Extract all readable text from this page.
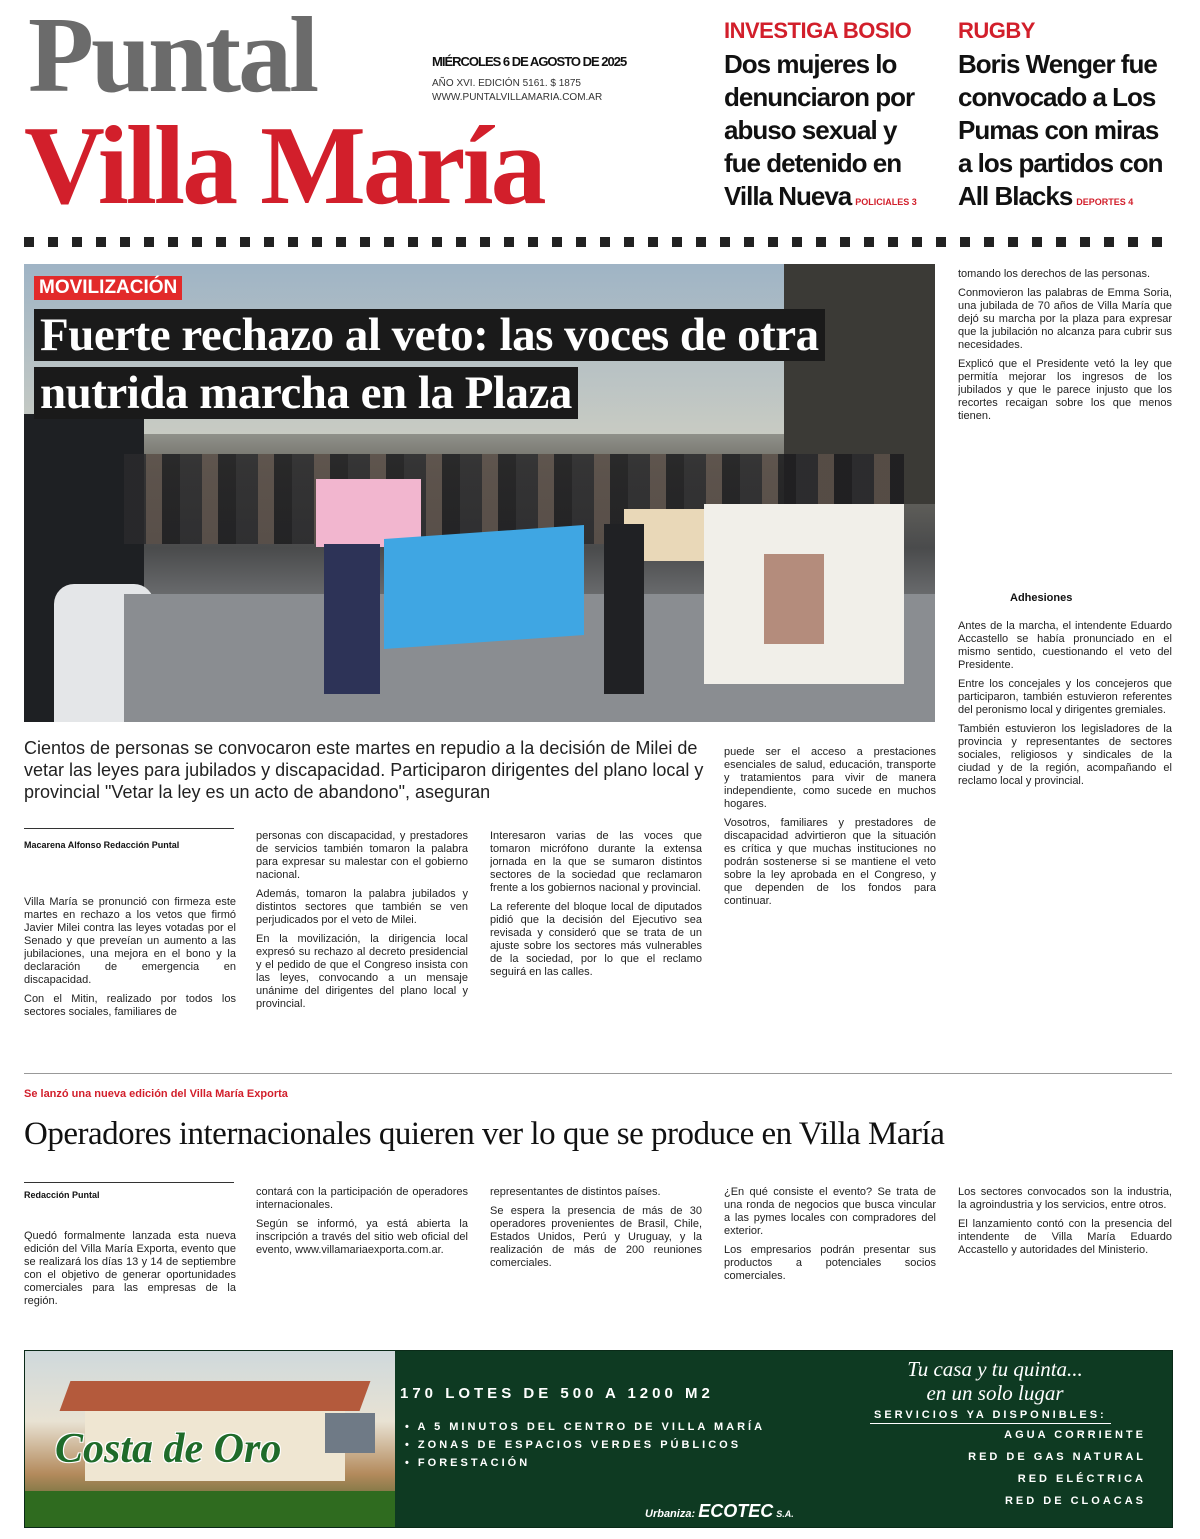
Puntal
Villa María
MIÉRCOLES 6 DE AGOSTO DE 2025
AÑO XVI. EDICIÓN 5161. $ 1875
WWW.PUNTALVILLAMARIA.COM.AR
INVESTIGA BOSIO
Dos mujeres lo denunciaron por abuso sexual y fue detenido en Villa Nueva POLICIALES 3
RUGBY
Boris Wenger fue convocado a Los Pumas con miras a los partidos con All Blacks DEPORTES 4
MOVILIZACIÓN
Fuerte rechazo al veto: las voces de otra nutrida marcha en la Plaza
Cientos de personas se convocaron este martes en repudio a la decisión de Milei de vetar las leyes para jubilados y discapacidad. Participaron dirigentes del plano local y provincial "Vetar la ley es un acto de abandono", aseguran
Macarena Alfonso Redacción Puntal

Villa María se pronunció con firmeza este martes en rechazo a los vetos que firmó Javier Milei contra las leyes votadas por el Senado y que preveían un aumento a las jubilaciones, una mejora en el bono y la declaración de emergencia en discapacidad.

Con el Mitin, realizado por todos los sectores sociales, familiares de

personas con discapacidad, y prestadores de servicios también tomaron la palabra para expresar su malestar con el gobierno nacional.

Además, tomaron la palabra jubilados y distintos sectores que también se ven perjudicados por el veto de Milei.

En la movilización, la dirigencia local expresó su rechazo al decreto presidencial y el pedido de que el Congreso insista con las leyes, convocando a un mensaje unánime del dirigentes del plano local y provincial.

Interesaron varias de las voces que tomaron micrófono durante la extensa jornada en la que se sumaron distintos sectores de la sociedad que reclamaron frente a los gobiernos nacional y provincial.

La referente del bloque local de diputados pidió que la decisión del Ejecutivo sea revisada y consideró que se trata de un ajuste sobre los sectores más vulnerables de la sociedad, por lo que el reclamo seguirá en las calles.

puede ser el acceso a prestaciones esenciales de salud, educación, transporte y tratamientos para vivir de manera independiente, como sucede en muchos hogares.

Vosotros, familiares y prestadores de discapacidad advirtieron que la situación es crítica y que muchas instituciones no podrán sostenerse si se mantiene el veto sobre la ley aprobada en el Congreso, y que dependen de los fondos para continuar.

tomando los derechos de las personas.

Conmovieron las palabras de Emma Soria, una jubilada de 70 años de Villa María que dejó su marcha por la plaza para expresar que la jubilación no alcanza para cubrir sus necesidades.

Explicó que el Presidente vetó la ley que permitía mejorar los ingresos de los jubilados y que le parece injusto que los recortes recaigan sobre los que menos tienen.

Adhesiones

Antes de la marcha, el intendente Eduardo Accastello se había pronunciado en el mismo sentido, cuestionando el veto del Presidente.

Entre los concejales y los concejeros que participaron, también estuvieron referentes del peronismo local y dirigentes gremiales.

También estuvieron los legisladores de la provincia y representantes de sectores sociales, religiosos y sindicales de la ciudad y de la región, acompañando el reclamo local y provincial.

Se lanzó una nueva edición del Villa María Exporta
Operadores internacionales quieren ver lo que se produce en Villa María
Redacción Puntal

Quedó formalmente lanzada esta nueva edición del Villa María Exporta, evento que se realizará los días 13 y 14 de septiembre con el objetivo de generar oportunidades comerciales para las empresas de la región.

contará con la participación de operadores internacionales.

Según se informó, ya está abierta la inscripción a través del sitio web oficial del evento, www.villamariaexporta.com.ar.

representantes de distintos países.

Se espera la presencia de más de 30 operadores provenientes de Brasil, Chile, Estados Unidos, Perú y Uruguay, y la realización de más de 200 reuniones comerciales.

¿En qué consiste el evento? Se trata de una ronda de negocios que busca vincular a las pymes locales con compradores del exterior.

Los empresarios podrán presentar sus productos a potenciales socios comerciales.

Los sectores convocados son la industria, la agroindustria y los servicios, entre otros.

El lanzamiento contó con la presencia del intendente de Villa María Eduardo Accastello y autoridades del Ministerio.

Costa de Oro
170 LOTES DE 500 A 1200 M2
• A 5 MINUTOS DEL CENTRO DE VILLA MARÍA
• ZONAS DE ESPACIOS VERDES PÚBLICOS
• FORESTACIÓN
Urbaniza: ECOTEC S.A.
Tu casa y tu quinta...
en un solo lugar
SERVICIOS YA DISPONIBLES:
AGUA CORRIENTE
RED DE GAS NATURAL
RED ELÉCTRICA
RED DE CLOACAS
